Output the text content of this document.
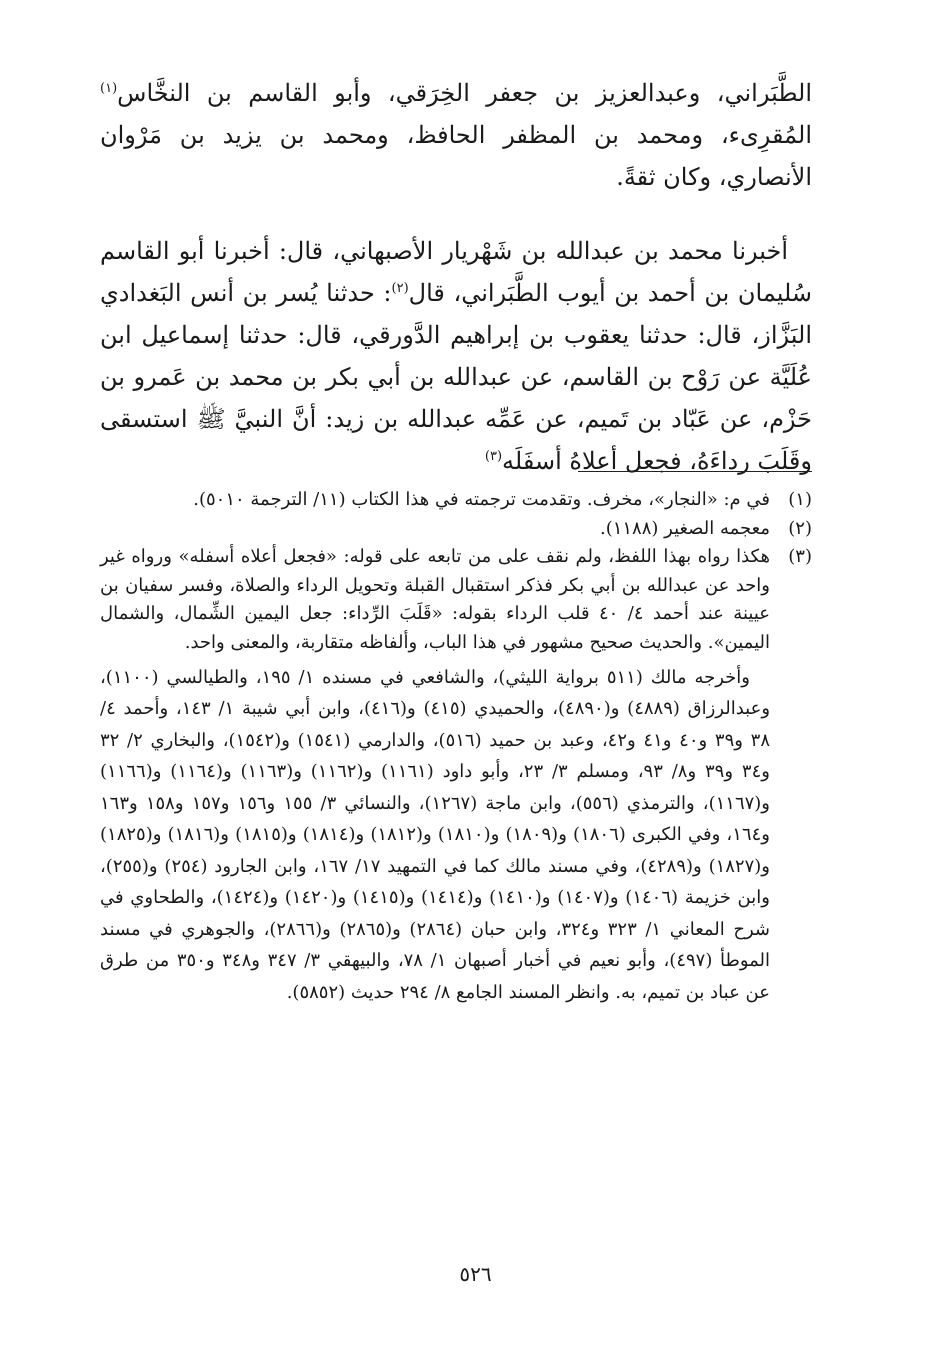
الطَّبَراني، وعبدالعزيز بن جعفر الخِرَقي، وأبو القاسم بن النخَّاس$^{(١)}$ المُقرِىء، ومحمد بن المظفر الحافظ، ومحمد بن يزيد بن مَرْوان الأنصاري، وكان ثقةً.

أخبرنا محمد بن عبدالله بن شَهْريار الأصبهاني، قال: أخبرنا أبو القاسم سُليمان بن أحمد بن أيوب الطَّبَراني، قال$^{(٢)}$: حدثنا يُسر بن أنس البَغدادي البَزَّاز، قال: حدثنا يعقوب بن إبراهيم الدَّورقي، قال: حدثنا إسماعيل ابن عُلَيَّة عن رَوْح بن القاسم، عن عبدالله بن أبي بكر بن محمد بن عَمرو بن حَزْم، عن عَبّاد بن تَميم، عن عَمِّه عبدالله بن زيد: أنَّ النبيَّ ﷺ استسقى وقَلَبَ رداءَهُ، فجعل أعلاهُ أسفَلَه$^{(٣)}$

(١)

في م: «النجار»، مخرف. وتقدمت ترجمته في هذا الكتاب (١١/ الترجمة ٥٠١٠).

(٢)

معجمه الصغير (١١٨٨).

(٣)

هكذا رواه بهذا اللفظ، ولم نقف على من تابعه على قوله: «فجعل أعلاه أسفله» ورواه غير واحد عن عبدالله بن أبي بكر فذكر استقبال القبلة وتحويل الرداء والصلاة، وفسر سفيان بن عيينة عند أحمد ٤/ ٤٠ قلب الرداء بقوله: «قَلَبَ الرِّداء: جعل اليمين الشِّمال، والشمال اليمين». والحديث صحيح مشهور في هذا الباب، وألفاظه متقاربة، والمعنى واحد.

وأخرجه مالك (٥١١ برواية الليثي)، والشافعي في مسنده ١/ ١٩٥، والطيالسي (١١٠٠)، وعبدالرزاق (٤٨٨٩) و(٤٨٩٠)، والحميدي (٤١٥) و(٤١٦)، وابن أبي شيبة ١/ ١٤٣، وأحمد ٤/ ٣٨ و٣٩ و٤٠ و٤١ و٤٢، وعبد بن حميد (٥١٦)، والدارمي (١٥٤١) و(١٥٤٢)، والبخاري ٢/ ٣٢ و٣٤ و٣٩ و٨/ ٩٣، ومسلم ٣/ ٢٣، وأبو داود (١١٦١) و(١١٦٢) و(١١٦٣) و(١١٦٤) و(١١٦٦) و(١١٦٧)، والترمذي (٥٥٦)، وابن ماجة (١٢٦٧)، والنسائي ٣/ ١٥٥ و١٥٦ و١٥٧ و١٥٨ و١٦٣ و١٦٤، وفي الكبرى (١٨٠٦) و(١٨٠٩) و(١٨١٠) و(١٨١٢) و(١٨١٤) و(١٨١٥) و(١٨١٦) و(١٨٢٥) و(١٨٢٧) و(٤٢٨٩)، وفي مسند مالك كما في التمهيد ١٧/ ١٦٧، وابن الجارود (٢٥٤) و(٢٥٥)، وابن خزيمة (١٤٠٦) و(١٤٠٧) و(١٤١٠) و(١٤١٤) و(١٤١٥) و(١٤٢٠) و(١٤٢٤)، والطحاوي في شرح المعاني ١/ ٣٢٣ و٣٢٤، وابن حبان (٢٨٦٤) و(٢٨٦٥) و(٢٨٦٦)، والجوهري في مسند الموطأ (٤٩٧)، وأبو نعيم في أخبار أصبهان ١/ ٧٨، والبيهقي ٣/ ٣٤٧ و٣٤٨ و٣٥٠ من طرق عن عباد بن تميم، به. وانظر المسند الجامع ٨/ ٢٩٤ حديث (٥٨٥٢).

٥٢٦
